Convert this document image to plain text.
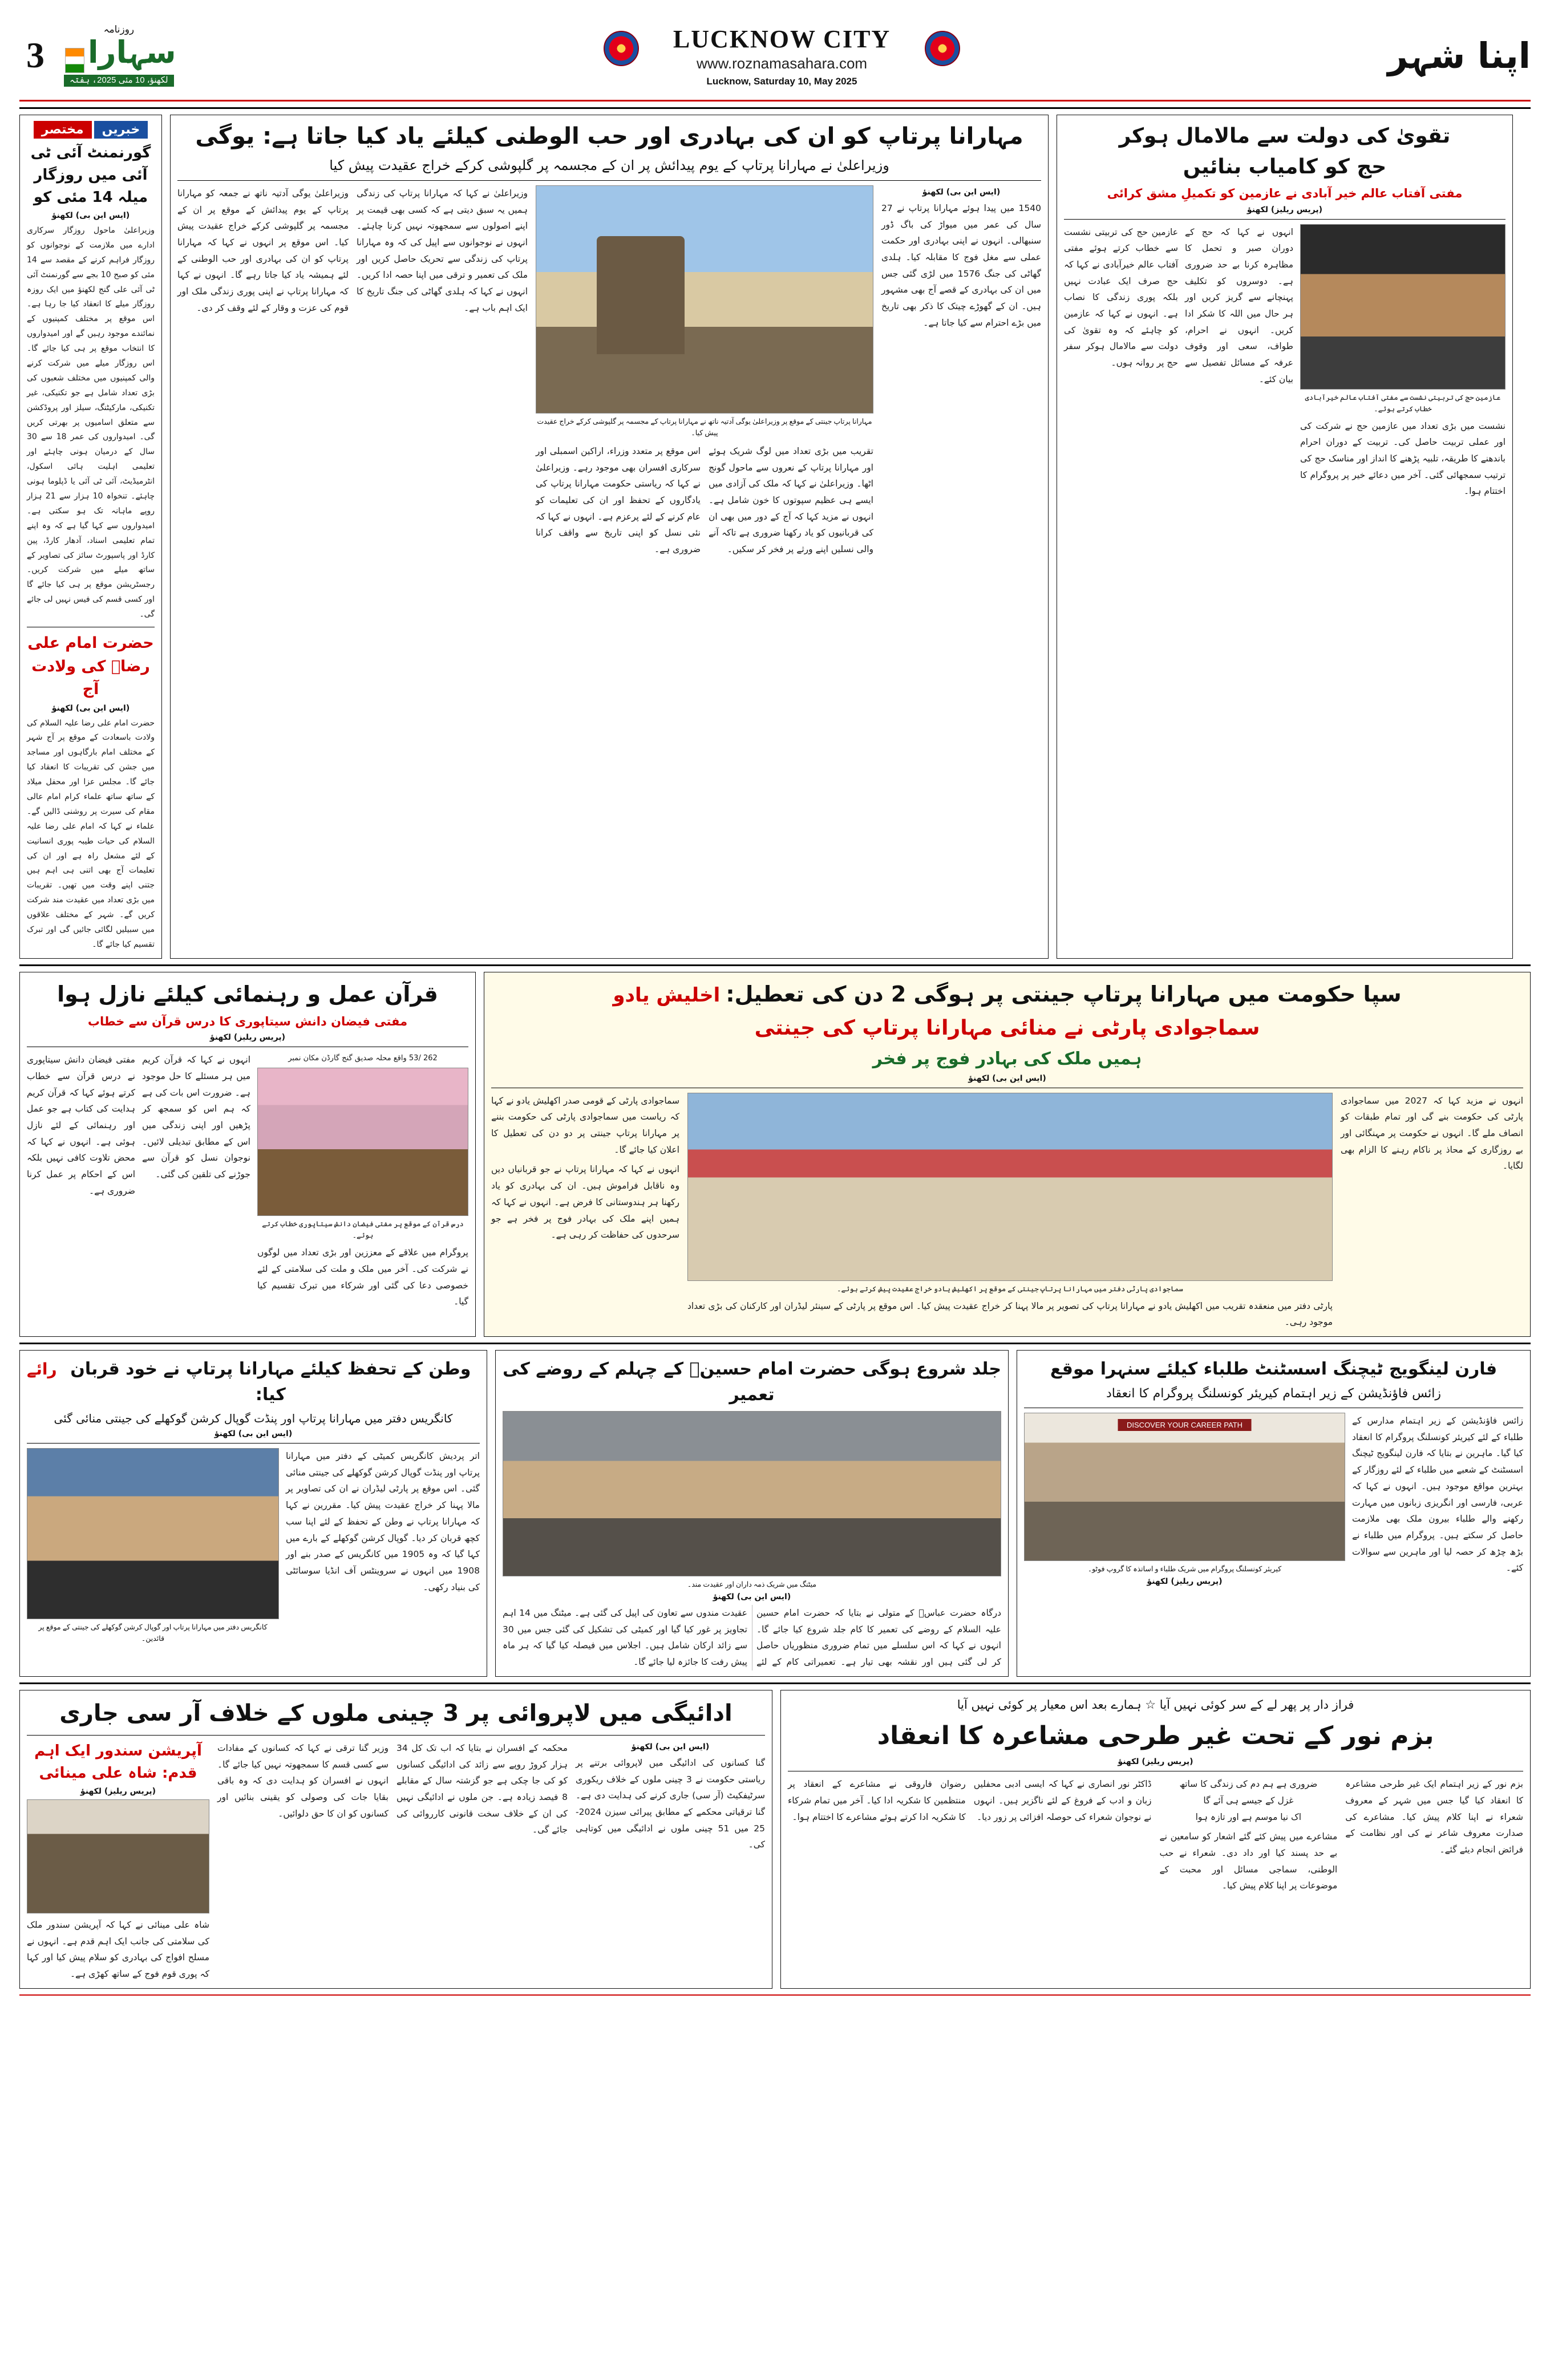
3
روزنامہ
سہارا
لکھنؤ، 10 مئی 2025، ہفتہ
LUCKNOW CITY
www.roznamasahara.com
Lucknow, Saturday 10, May 2025
اپنا شہر
مختصر خبریں
گورنمنٹ آئی ٹی آئی میں روزگار میلہ 14 مئی کو
(ایس این بی) لکھنؤ
وزیراعلیٰ ماحول روزگار سرکاری ادارے میں ملازمت کے نوجوانوں کو روزگار فراہم کرنے کے مقصد سے 14 مئی کو صبح 10 بجے سے گورنمنٹ آئی ٹی آئی علی گنج لکھنؤ میں ایک روزہ روزگار میلے کا انعقاد کیا جا رہا ہے۔ اس موقع پر مختلف کمپنیوں کے نمائندے موجود رہیں گے اور امیدواروں کا انتخاب موقع پر ہی کیا جائے گا۔ اس روزگار میلے میں شرکت کرنے والی کمپنیوں میں مختلف شعبوں کی بڑی تعداد شامل ہے جو تکنیکی، غیر تکنیکی، مارکیٹنگ، سیلز اور پروڈکشن سے متعلق اسامیوں پر بھرتی کریں گی۔ امیدواروں کی عمر 18 سے 30 سال کے درمیان ہونی چاہئے اور تعلیمی اہلیت ہائی اسکول، انٹرمیڈیٹ، آئی ٹی آئی یا ڈپلوما ہونی چاہئے۔ تنخواہ 10 ہزار سے 21 ہزار روپے ماہانہ تک ہو سکتی ہے۔ امیدواروں سے کہا گیا ہے کہ وہ اپنے تمام تعلیمی اسناد، آدھار کارڈ، پین کارڈ اور پاسپورٹ سائز کی تصاویر کے ساتھ میلے میں شرکت کریں۔ رجسٹریشن موقع پر ہی کیا جائے گا اور کسی قسم کی فیس نہیں لی جائے گی۔
حضرت امام علی رضاؓ کی ولادت آج
(ایس این بی) لکھنؤ
حضرت امام علی رضا علیہ السلام کی ولادت باسعادت کے موقع پر آج شہر کے مختلف امام بارگاہوں اور مساجد میں جشن کی تقریبات کا انعقاد کیا جائے گا۔ مجلس عزا اور محفل میلاد کے ساتھ ساتھ علماء کرام امام عالی مقام کی سیرت پر روشنی ڈالیں گے۔ علماء نے کہا کہ امام علی رضا علیہ السلام کی حیات طیبہ پوری انسانیت کے لئے مشعل راہ ہے اور ان کی تعلیمات آج بھی اتنی ہی اہم ہیں جتنی اپنے وقت میں تھیں۔ تقریبات میں بڑی تعداد میں عقیدت مند شرکت کریں گے۔ شہر کے مختلف علاقوں میں سبیلیں لگائی جائیں گی اور تبرک تقسیم کیا جائے گا۔
مہارانا پرتاپ کو ان کی بہادری اور حب الوطنی کیلئے یاد کیا جاتا ہے: یوگی
وزیراعلیٰ نے مہارانا پرتاپ کے یوم پیدائش پر ان کے مجسمہ پر گلپوشی کرکے خراج عقیدت پیش کیا
وزیراعلیٰ یوگی آدتیہ ناتھ نے جمعہ کو مہارانا پرتاپ کے یوم پیدائش کے موقع پر ان کے مجسمہ پر گلپوشی کرکے خراج عقیدت پیش کیا۔ اس موقع پر انہوں نے کہا کہ مہارانا پرتاپ کو ان کی بہادری اور حب الوطنی کے لئے ہمیشہ یاد کیا جاتا رہے گا۔ انہوں نے کہا کہ مہارانا پرتاپ نے اپنی پوری زندگی ملک اور قوم کی عزت و وقار کے لئے وقف کر دی۔
وزیراعلیٰ نے کہا کہ مہارانا پرتاپ کی زندگی ہمیں یہ سبق دیتی ہے کہ کسی بھی قیمت پر اپنے اصولوں سے سمجھوتہ نہیں کرنا چاہئے۔ انہوں نے نوجوانوں سے اپیل کی کہ وہ مہارانا پرتاپ کی زندگی سے تحریک حاصل کریں اور ملک کی تعمیر و ترقی میں اپنا حصہ ادا کریں۔ انہوں نے کہا کہ ہلدی گھاٹی کی جنگ تاریخ کا ایک اہم باب ہے۔
مہارانا پرتاپ جینتی کے موقع پر وزیراعلیٰ یوگی آدتیہ ناتھ نے مہارانا پرتاپ کے مجسمہ پر گلپوشی کرکے خراج عقیدت پیش کیا۔
اس موقع پر متعدد وزراء، اراکین اسمبلی اور سرکاری افسران بھی موجود رہے۔ وزیراعلیٰ نے کہا کہ ریاستی حکومت مہارانا پرتاپ کی یادگاروں کے تحفظ اور ان کی تعلیمات کو عام کرنے کے لئے پرعزم ہے۔ انہوں نے کہا کہ نئی نسل کو اپنی تاریخ سے واقف کرانا ضروری ہے۔
تقریب میں بڑی تعداد میں لوگ شریک ہوئے اور مہارانا پرتاپ کے نعروں سے ماحول گونج اٹھا۔ وزیراعلیٰ نے کہا کہ ملک کی آزادی میں ایسے ہی عظیم سپوتوں کا خون شامل ہے۔ انہوں نے مزید کہا کہ آج کے دور میں بھی ان کی قربانیوں کو یاد رکھنا ضروری ہے تاکہ آنے والی نسلیں اپنے ورثے پر فخر کر سکیں۔
(ایس این بی) لکھنؤ
1540 میں پیدا ہوئے مہارانا پرتاپ نے 27 سال کی عمر میں میواڑ کی باگ ڈور سنبھالی۔ انہوں نے اپنی بہادری اور حکمت عملی سے مغل فوج کا مقابلہ کیا۔ ہلدی گھاٹی کی جنگ 1576 میں لڑی گئی جس میں ان کی بہادری کے قصے آج بھی مشہور ہیں۔ ان کے گھوڑے چیتک کا ذکر بھی تاریخ میں بڑے احترام سے کیا جاتا ہے۔
تقویٰ کی دولت سے مالامال ہوکر
حج کو کامیاب بنائیں
مفتی آفتاب عالم خیر آبادی نے عازمین کو تکمیلِ مشق کرائی
(پریس ریلیز) لکھنؤ
عازمین حج کی تربیتی نشست سے خطاب کرتے ہوئے مفتی آفتاب عالم خیرآبادی نے کہا کہ حج صرف ایک عبادت نہیں بلکہ پوری زندگی کا نصاب ہے۔ انہوں نے کہا کہ عازمین کو چاہئے کہ وہ تقویٰ کی دولت سے مالامال ہوکر سفر حج پر روانہ ہوں۔
انہوں نے کہا کہ حج کے دوران صبر و تحمل کا مظاہرہ کرنا بے حد ضروری ہے۔ دوسروں کو تکلیف پہنچانے سے گریز کریں اور ہر حال میں اللہ کا شکر ادا کریں۔ انہوں نے احرام، طواف، سعی اور وقوف عرفہ کے مسائل تفصیل سے بیان کئے۔
عازمین حج کی تربیتی نشست سے مفتی آفتاب عالم خیرآبادی خطاب کرتے ہوئے۔
نشست میں بڑی تعداد میں عازمین حج نے شرکت کی اور عملی تربیت حاصل کی۔ تربیت کے دوران احرام باندھنے کا طریقہ، تلبیہ پڑھنے کا انداز اور مناسک حج کی ترتیب سمجھائی گئی۔ آخر میں دعائے خیر پر پروگرام کا اختتام ہوا۔
قرآن عمل و رہنمائی کیلئے نازل ہوا
مفتی فیضان دانش سیتاپوری کا درس قرآن سے خطاب
(پریس ریلیز) لکھنؤ
مفتی فیضان دانش سیتاپوری نے درس قرآن سے خطاب کرتے ہوئے کہا کہ قرآن کریم ہدایت کی کتاب ہے جو عمل اور رہنمائی کے لئے نازل ہوئی ہے۔ انہوں نے کہا کہ محض تلاوت کافی نہیں بلکہ اس کے احکام پر عمل کرنا ضروری ہے۔
انہوں نے کہا کہ قرآن کریم میں ہر مسئلے کا حل موجود ہے۔ ضرورت اس بات کی ہے کہ ہم اس کو سمجھ کر پڑھیں اور اپنی زندگی میں اس کے مطابق تبدیلی لائیں۔ نوجوان نسل کو قرآن سے جوڑنے کی تلقین کی گئی۔
262 /53 واقع محلہ صدیق گنج گارڈن مکان نمبر
درس قرآن کے موقع پر مفتی فیضان دانش سیتاپوری خطاب کرتے ہوئے۔
پروگرام میں علاقے کے معززین اور بڑی تعداد میں لوگوں نے شرکت کی۔ آخر میں ملک و ملت کی سلامتی کے لئے خصوصی دعا کی گئی اور شرکاء میں تبرک تقسیم کیا گیا۔
اخلیش یادو سپا حکومت میں مہارانا پرتاپ جینتی پر ہوگی 2 دن کی تعطیل:
سماجوادی پارٹی نے منائی مہارانا پرتاپ کی جینتی
ہمیں ملک کی بہادر فوج پر فخر
(ایس این بی) لکھنؤ
سماجوادی پارٹی کے قومی صدر اکھلیش یادو نے کہا کہ ریاست میں سماجوادی پارٹی کی حکومت بننے پر مہارانا پرتاپ جینتی پر دو دن کی تعطیل کا اعلان کیا جائے گا۔
انہوں نے کہا کہ مہارانا پرتاپ نے جو قربانیاں دیں وہ ناقابل فراموش ہیں۔ ان کی بہادری کو یاد رکھنا ہر ہندوستانی کا فرض ہے۔ انہوں نے کہا کہ ہمیں اپنے ملک کی بہادر فوج پر فخر ہے جو سرحدوں کی حفاظت کر رہی ہے۔
سماجوادی پارٹی دفتر میں مہارانا پرتاپ جینتی کے موقع پر اکھلیش یادو خراج عقیدت پیش کرتے ہوئے۔
پارٹی دفتر میں منعقدہ تقریب میں اکھلیش یادو نے مہارانا پرتاپ کی تصویر پر مالا پہنا کر خراج عقیدت پیش کیا۔ اس موقع پر پارٹی کے سینئر لیڈران اور کارکنان کی بڑی تعداد موجود رہی۔
انہوں نے مزید کہا کہ 2027 میں سماجوادی پارٹی کی حکومت بنے گی اور تمام طبقات کو انصاف ملے گا۔ انہوں نے حکومت پر مہنگائی اور بے روزگاری کے محاذ پر ناکام رہنے کا الزام بھی لگایا۔
رائے وطن کے تحفظ کیلئے مہارانا پرتاپ نے خود قربان کیا:
کانگریس دفتر میں مہارانا پرتاپ اور پنڈت گوپال کرشن گوکھلے کی جینتی منائی گئی
(ایس این بی) لکھنؤ
کانگریس دفتر میں مہارانا پرتاپ اور گوپال کرشن گوکھلے کی جینتی کے موقع پر قائدین۔
اتر پردیش کانگریس کمیٹی کے دفتر میں مہارانا پرتاپ اور پنڈت گوپال کرشن گوکھلے کی جینتی منائی گئی۔ اس موقع پر پارٹی لیڈران نے ان کی تصاویر پر مالا پہنا کر خراج عقیدت پیش کیا۔ مقررین نے کہا کہ مہارانا پرتاپ نے وطن کے تحفظ کے لئے اپنا سب کچھ قربان کر دیا۔ گوپال کرشن گوکھلے کے بارے میں کہا گیا کہ وہ 1905 میں کانگریس کے صدر بنے اور 1908 میں انہوں نے سروینٹس آف انڈیا سوسائٹی کی بنیاد رکھی۔
جلد شروع ہوگی حضرت امام حسینؑ کے چہلم کے روضے کی تعمیر
میٹنگ میں شریک ذمہ داران اور عقیدت مند۔
(ایس این بی) لکھنؤ
درگاہ حضرت عباسؑ کے متولی نے بتایا کہ حضرت امام حسین علیہ السلام کے روضے کی تعمیر کا کام جلد شروع کیا جائے گا۔ انہوں نے کہا کہ اس سلسلے میں تمام ضروری منظوریاں حاصل کر لی گئی ہیں اور نقشہ بھی تیار ہے۔ تعمیراتی کام کے لئے عقیدت مندوں سے تعاون کی اپیل کی گئی ہے۔ میٹنگ میں 14 اہم تجاویز پر غور کیا گیا اور کمیٹی کی تشکیل کی گئی جس میں 30 سے زائد ارکان شامل ہیں۔ اجلاس میں فیصلہ کیا گیا کہ ہر ماہ پیش رفت کا جائزہ لیا جائے گا۔
فارن لینگویج ٹیچنگ اسسٹنٹ طلباء کیلئے سنہرا موقع
زائس فاؤنڈیشن کے زیر اہتمام کیریئر کونسلنگ پروگرام کا انعقاد
DISCOVER YOUR CAREER PATH
کیریئر کونسلنگ پروگرام میں شریک طلباء و اساتذہ کا گروپ فوٹو۔
(پریس ریلیز) لکھنؤ
زائس فاؤنڈیشن کے زیر اہتمام مدارس کے طلباء کے لئے کیریئر کونسلنگ پروگرام کا انعقاد کیا گیا۔ ماہرین نے بتایا کہ فارن لینگویج ٹیچنگ اسسٹنٹ کے شعبے میں طلباء کے لئے روزگار کے بہترین مواقع موجود ہیں۔ انہوں نے کہا کہ عربی، فارسی اور انگریزی زبانوں میں مہارت رکھنے والے طلباء بیرون ملک بھی ملازمت حاصل کر سکتے ہیں۔ پروگرام میں طلباء نے بڑھ چڑھ کر حصہ لیا اور ماہرین سے سوالات کئے۔
ادائیگی میں لاپروائی پر 3 چینی ملوں کے خلاف آر سی جاری
آپریشن سندور ایک اہم قدم: شاہ علی مینائی
(پریس ریلیز) لکھنؤ
شاہ علی مینائی نے کہا کہ آپریشن سندور ملک کی سلامتی کی جانب ایک اہم قدم ہے۔ انہوں نے مسلح افواج کی بہادری کو سلام پیش کیا اور کہا کہ پوری قوم فوج کے ساتھ کھڑی ہے۔
وزیر گنا ترقی نے کہا کہ کسانوں کے مفادات سے کسی قسم کا سمجھوتہ نہیں کیا جائے گا۔ انہوں نے افسران کو ہدایت دی کہ وہ باقی بقایا جات کی وصولی کو یقینی بنائیں اور کسانوں کو ان کا حق دلوائیں۔
محکمہ کے افسران نے بتایا کہ اب تک کل 34 ہزار کروڑ روپے سے زائد کی ادائیگی کسانوں کو کی جا چکی ہے جو گزشتہ سال کے مقابلے 8 فیصد زیادہ ہے۔ جن ملوں نے ادائیگی نہیں کی ان کے خلاف سخت قانونی کارروائی کی جائے گی۔
(ایس این بی) لکھنؤ
گنا کسانوں کی ادائیگی میں لاپروائی برتنے پر ریاستی حکومت نے 3 چینی ملوں کے خلاف ریکوری سرٹیفکیٹ (آر سی) جاری کرنے کی ہدایت دی ہے۔ گنا ترقیاتی محکمے کے مطابق پیرائی سیزن 2024-25 میں 51 چینی ملوں نے ادائیگی میں کوتاہی کی۔
فراز دار پر پھر لے کے سر کوئی نہیں آیا ☆ ہمارے بعد اس معیار پر کوئی نہیں آیا
بزم نور کے تحت غیر طرحی مشاعرہ کا انعقاد
(پریس ریلیز) لکھنؤ
رضوان فاروقی نے مشاعرے کے انعقاد پر منتظمین کا شکریہ ادا کیا۔ آخر میں تمام شرکاء کا شکریہ ادا کرتے ہوئے مشاعرے کا اختتام ہوا۔
ڈاکٹر نور انصاری نے کہا کہ ایسی ادبی محفلیں زبان و ادب کے فروغ کے لئے ناگزیر ہیں۔ انہوں نے نوجوان شعراء کی حوصلہ افزائی پر زور دیا۔
ضروری ہے ہم دم کی زندگی کا ساتھ
غزل کے جیسے ہی آئے گا
اک نیا موسم ہے اور تازہ ہوا
مشاعرے میں پیش کئے گئے اشعار کو سامعین نے بے حد پسند کیا اور داد دی۔ شعراء نے حب الوطنی، سماجی مسائل اور محبت کے موضوعات پر اپنا کلام پیش کیا۔
بزم نور کے زیر اہتمام ایک غیر طرحی مشاعرہ کا انعقاد کیا گیا جس میں شہر کے معروف شعراء نے اپنا کلام پیش کیا۔ مشاعرے کی صدارت معروف شاعر نے کی اور نظامت کے فرائض انجام دیئے گئے۔
